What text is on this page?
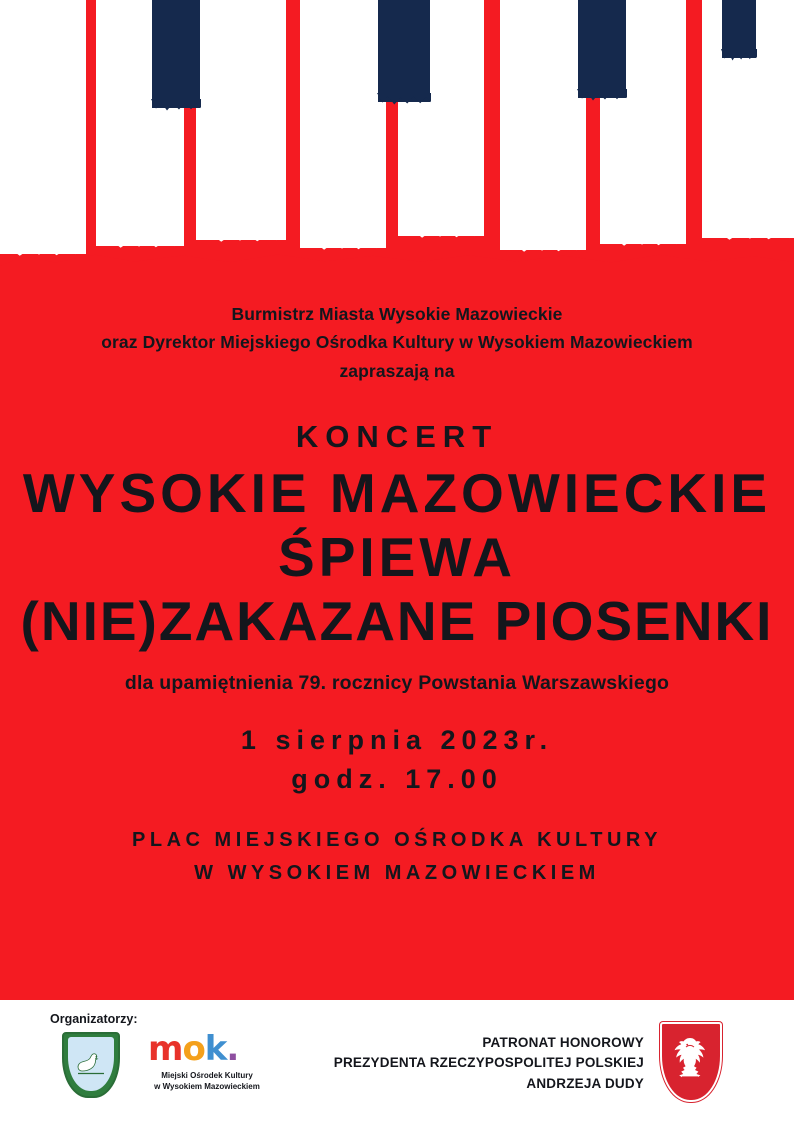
Burmistrz Miasta Wysokie Mazowieckie
oraz Dyrektor Miejskiego Ośrodka Kultury w Wysokiem Mazowieckiem
zapraszają na
KONCERT
WYSOKIE MAZOWIECKIE
ŚPIEWA
(NIE)ZAKAZANE PIOSENKI
dla upamiętnienia 79. rocznicy Powstania Warszawskiego
1 sierpnia 2023r.
godz. 17.00
PLAC MIEJSKIEGO OŚRODKA KULTURY
W WYSOKIEM MAZOWIECKIEM
Organizatorzy:
mok.
Miejski Ośrodek Kultury
w Wysokiem Mazowieckiem
PATRONAT HONOROWY
PREZYDENTA RZECZYPOSPOLITEJ POLSKIEJ
ANDRZEJA DUDY
